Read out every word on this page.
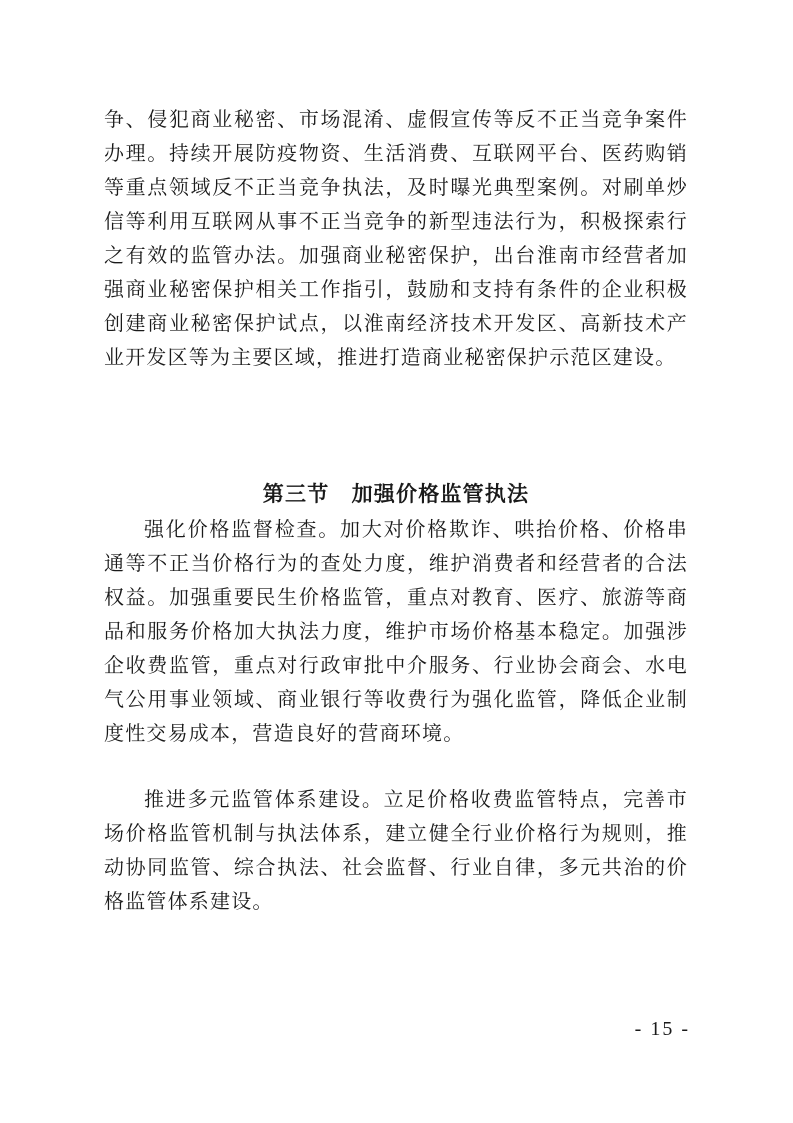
争、侵犯商业秘密、市场混淆、虚假宣传等反不正当竞争案件办理。持续开展防疫物资、生活消费、互联网平台、医药购销等重点领域反不正当竞争执法，及时曝光典型案例。对刷单炒信等利用互联网从事不正当竞争的新型违法行为，积极探索行之有效的监管办法。加强商业秘密保护，出台淮南市经营者加强商业秘密保护相关工作指引，鼓励和支持有条件的企业积极创建商业秘密保护试点，以淮南经济技术开发区、高新技术产业开发区等为主要区域，推进打造商业秘密保护示范区建设。

第三节　加强价格监管执法

强化价格监督检查。加大对价格欺诈、哄抬价格、价格串通等不正当价格行为的查处力度，维护消费者和经营者的合法权益。加强重要民生价格监管，重点对教育、医疗、旅游等商品和服务价格加大执法力度，维护市场价格基本稳定。加强涉企收费监管，重点对行政审批中介服务、行业协会商会、水电气公用事业领域、商业银行等收费行为强化监管，降低企业制度性交易成本，营造良好的营商环境。

推进多元监管体系建设。立足价格收费监管特点，完善市场价格监管机制与执法体系，建立健全行业价格行为规则，推动协同监管、综合执法、社会监督、行业自律，多元共治的价格监管体系建设。

- 15 -
